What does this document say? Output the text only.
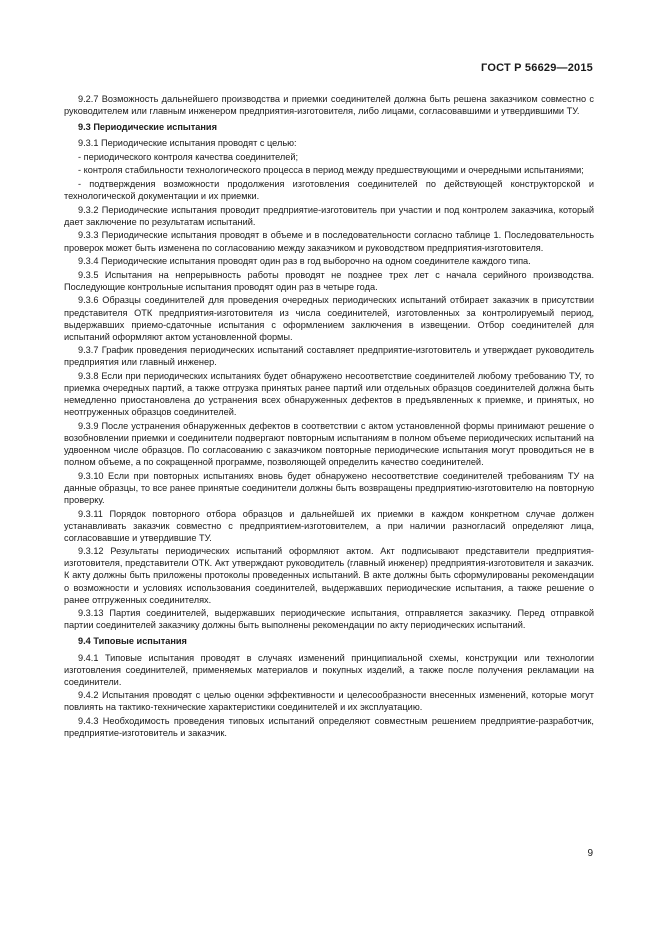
ГОСТ Р 56629—2015

9.2.7 Возможность дальнейшего производства и приемки соединителей должна быть решена заказчиком совместно с руководителем или главным инженером предприятия-изготовителя, либо лицами, согласовавшими и утвердившими ТУ.

9.3 Периодические испытания

9.3.1 Периодические испытания проводят с целью:

- периодического контроля качества соединителей;

- контроля стабильности технологического процесса в период между предшествующими и очередными испытаниями;

- подтверждения возможности продолжения изготовления соединителей по действующей конструкторской и технологической документации и их приемки.

9.3.2 Периодические испытания проводит предприятие-изготовитель при участии и под контролем заказчика, который дает заключение по результатам испытаний.

9.3.3 Периодические испытания проводят в объеме и в последовательности согласно таблице 1. Последовательность проверок может быть изменена по согласованию между заказчиком и руководством предприятия-изготовителя.

9.3.4 Периодические испытания проводят один раз в год выборочно на одном соединителе каждого типа.

9.3.5 Испытания на непрерывность работы проводят не позднее трех лет с начала серийного производства. Последующие контрольные испытания проводят один раз в четыре года.

9.3.6 Образцы соединителей для проведения очередных периодических испытаний отбирает заказчик в присутствии представителя ОТК предприятия-изготовителя из числа соединителей, изготовленных за контролируемый период, выдержавших приемо-сдаточные испытания с оформлением заключения в извещении. Отбор соединителей для испытаний оформляют актом установленной формы.

9.3.7 График проведения периодических испытаний составляет предприятие-изготовитель и утверждает руководитель предприятия или главный инженер.

9.3.8 Если при периодических испытаниях будет обнаружено несоответствие соединителей любому требованию ТУ, то приемка очередных партий, а также отгрузка принятых ранее партий или отдельных образцов соединителей должна быть немедленно приостановлена до устранения всех обнаруженных дефектов в предъявленных к приемке, и принятых, но неотгруженных образцов соединителей.

9.3.9 После устранения обнаруженных дефектов в соответствии с актом установленной формы принимают решение о возобновлении приемки и соединители подвергают повторным испытаниям в полном объеме периодических испытаний на удвоенном числе образцов. По согласованию с заказчиком повторные периодические испытания могут проводиться не в полном объеме, а по сокращенной программе, позволяющей определить качество соединителей.

9.3.10 Если при повторных испытаниях вновь будет обнаружено несоответствие соединителей требованиям ТУ на данные образцы, то все ранее принятые соединители должны быть возвращены предприятию-изготовителю на повторную проверку.

9.3.11 Порядок повторного отбора образцов и дальнейшей их приемки в каждом конкретном случае должен устанавливать заказчик совместно с предприятием-изготовителем, а при наличии разногласий определяют лица, согласовавшие и утвердившие ТУ.

9.3.12 Результаты периодических испытаний оформляют актом. Акт подписывают представители предприятия-изготовителя, представители ОТК. Акт утверждают руководитель (главный инженер) предприятия-изготовителя и заказчик. К акту должны быть приложены протоколы проведенных испытаний. В акте должны быть сформулированы рекомендации о возможности и условиях использования соединителей, выдержавших периодические испытания, а также решение о ранее отгруженных соединителях.

9.3.13 Партия соединителей, выдержавших периодические испытания, отправляется заказчику. Перед отправкой партии соединителей заказчику должны быть выполнены рекомендации по акту периодических испытаний.

9.4 Типовые испытания

9.4.1 Типовые испытания проводят в случаях изменений принципиальной схемы, конструкции или технологии изготовления соединителей, применяемых материалов и покупных изделий, а также после получения рекламации на соединители.

9.4.2 Испытания проводят с целью оценки эффективности и целесообразности внесенных изменений, которые могут повлиять на тактико-технические характеристики соединителей и их эксплуатацию.

9.4.3 Необходимость проведения типовых испытаний определяют совместным решением предприятие-разработчик, предприятие-изготовитель и заказчик.

9
